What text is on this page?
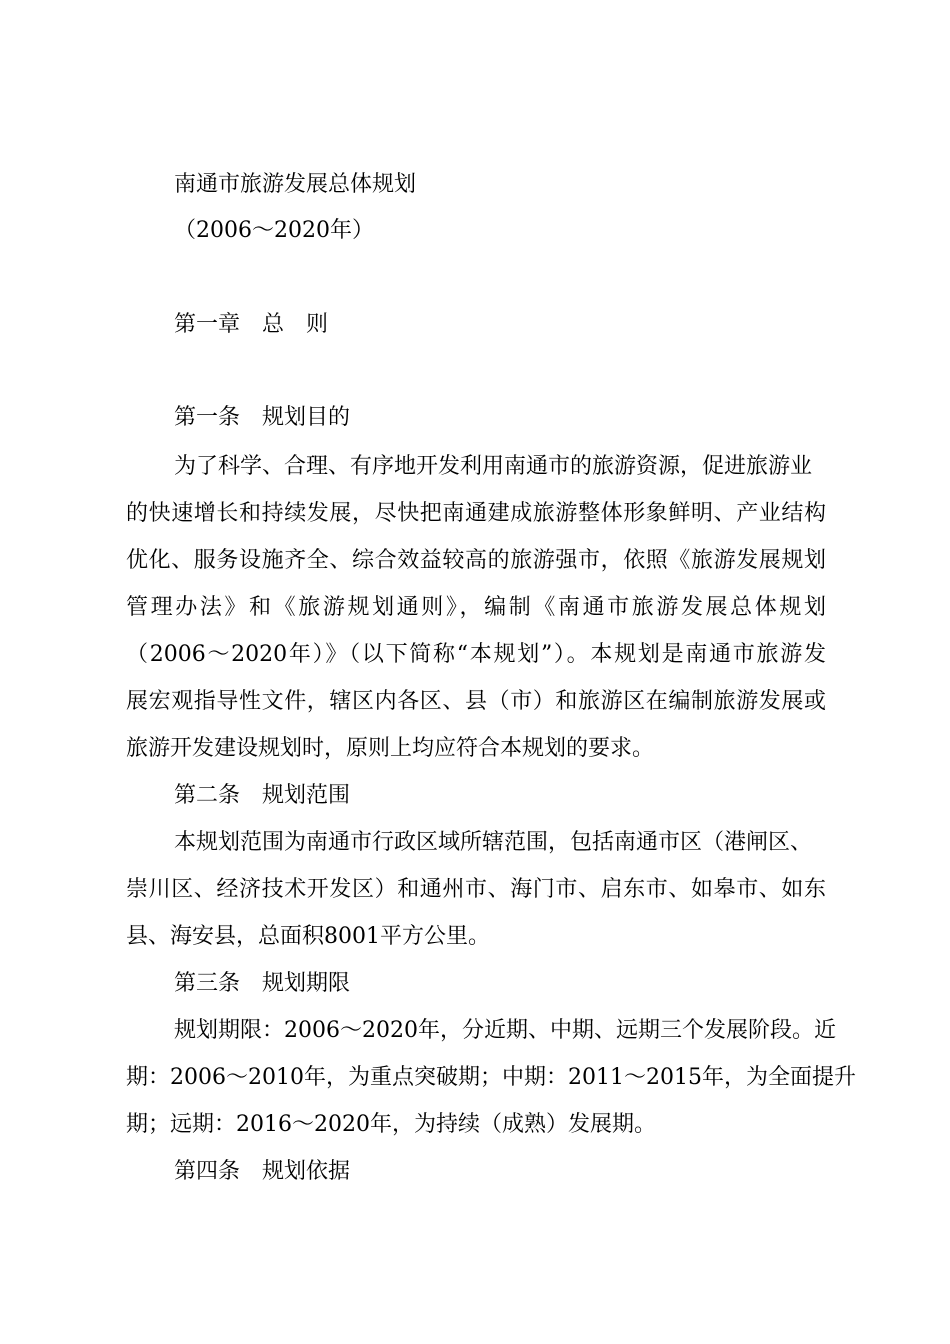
南通市旅游发展总体规划
（2006～2020年）
第一章　总　则
第一条　规划目的
为了科学、合理、有序地开发利用南通市的旅游资源，促进旅游业
的快速增长和持续发展，尽快把南通建成旅游整体形象鲜明、产业结构
优化、服务设施齐全、综合效益较高的旅游强市，依照《旅游发展规划
管理办法》和《旅游规划通则》，编制《南通市旅游发展总体规划
（2006～2020年）》（以下简称“本规划”）。本规划是南通市旅游发
展宏观指导性文件，辖区内各区、县（市）和旅游区在编制旅游发展或
旅游开发建设规划时，原则上均应符合本规划的要求。
第二条　规划范围
本规划范围为南通市行政区域所辖范围，包括南通市区（港闸区、
崇川区、经济技术开发区）和通州市、海门市、启东市、如皋市、如东
县、海安县，总面积8001平方公里。
第三条　规划期限
规划期限：2006～2020年，分近期、中期、远期三个发展阶段。近
期：2006～2010年，为重点突破期；中期：2011～2015年，为全面提升
期；远期：2016～2020年，为持续（成熟）发展期。
第四条　规划依据
